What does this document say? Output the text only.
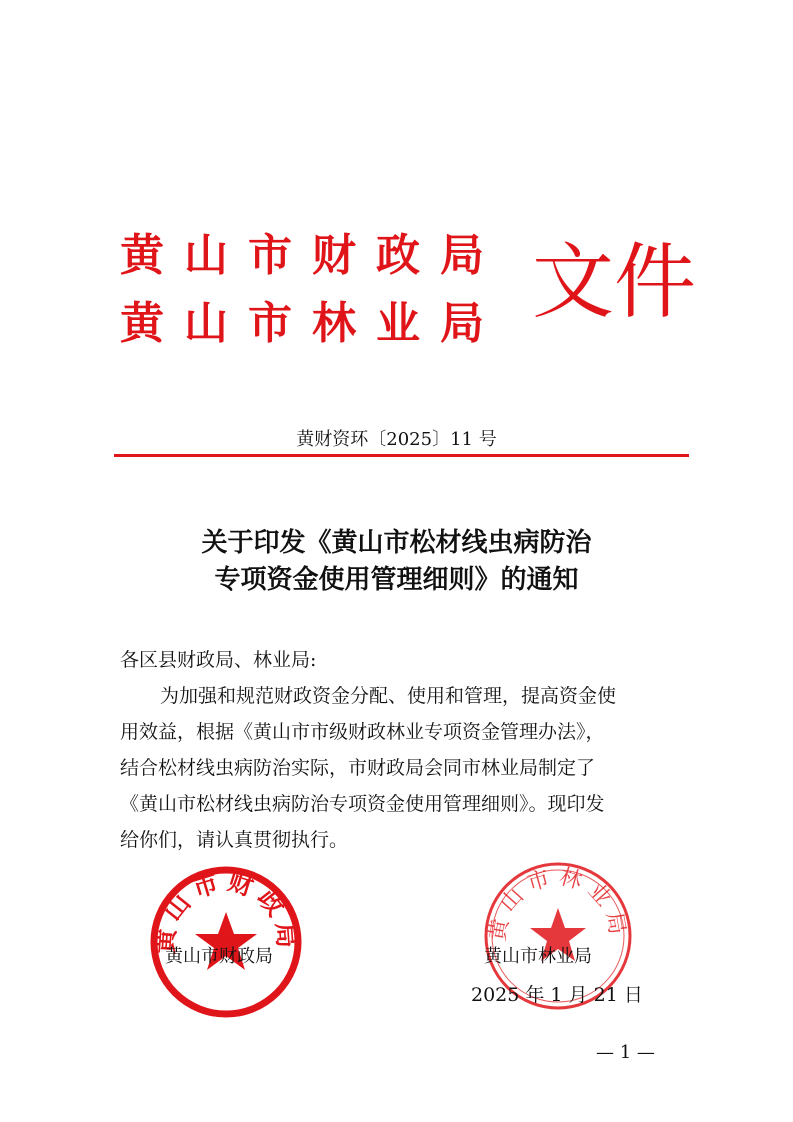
黄山市财政局
黄山市林业局 文件
黄财资环〔2025〕11 号
关于印发《黄山市松材线虫病防治
专项资金使用管理细则》的通知
各区县财政局、林业局:
为加强和规范财政资金分配、使用和管理，提高资金使
用效益，根据《黄山市市级财政林业专项资金管理办法》，
结合松材线虫病防治实际，市财政局会同市林业局制定了
《黄山市松材线虫病防治专项资金使用管理细则》。现印发
给你们，请认真贯彻执行。
黄山市财政局	黄山市林业局
黄山市财政局	黄山市林业局
2025 年 1 月 21 日
— 1 —
